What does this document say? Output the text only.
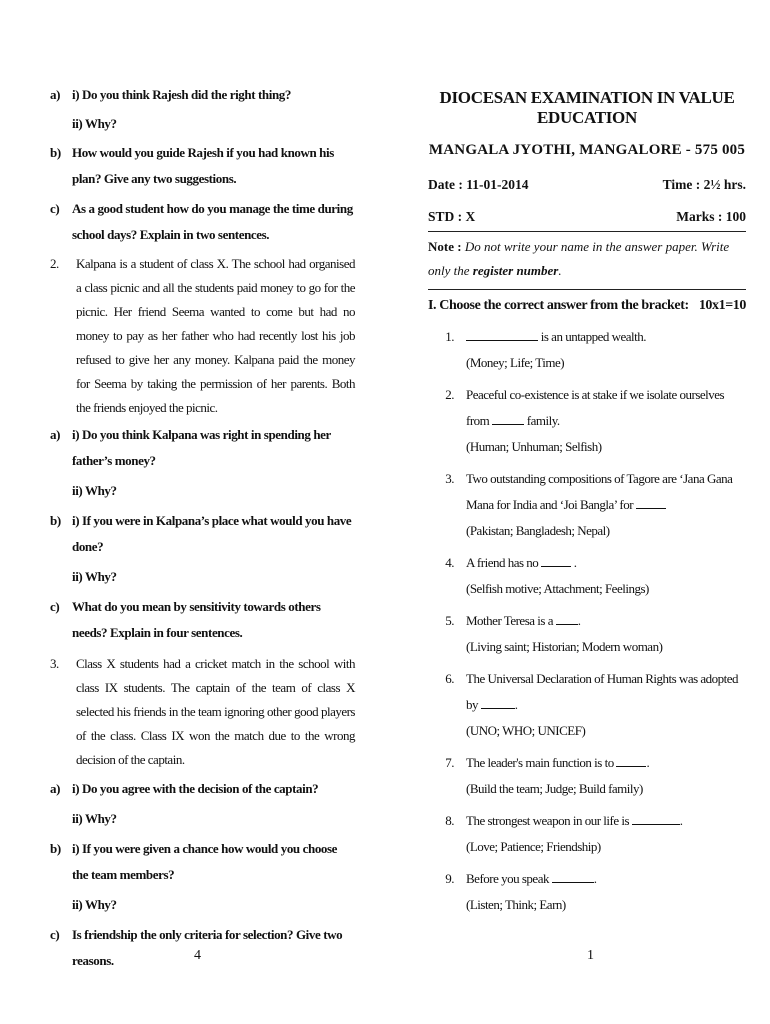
a) i) Do you think Rajesh did the right thing?
ii) Why?
b) How would you guide Rajesh if you had known his plan? Give any two suggestions.
c) As a good student how do you manage the time during school days? Explain in two sentences.
2.	Kalpana is a student of class X. The school had organised a class picnic and all the students paid money to go for the picnic. Her friend Seema wanted to come but had no money to pay as her father who had recently lost his job refused to give her any money. Kalpana paid the money for Seema by taking the permission of her parents. Both the friends enjoyed the picnic.
a) i) Do you think Kalpana was right in spending her father’s money?
ii) Why?
b) i) If you were in Kalpana’s place what would you have done?
ii) Why?
c) What do you mean by sensitivity towards others needs? Explain in four sentences.
3.	Class X students had a cricket match in the school with class IX students. The captain of the team of class X selected his friends in the team ignoring other good players of the class. Class IX won the match due to the wrong decision of the captain.
a) i) Do you agree with the decision of the captain?
ii) Why?
b) i) If you were given a chance how would you choose the team members?
ii) Why?
c) Is friendship the only criteria for selection? Give two reasons.	4
DIOCESAN EXAMINATION IN VALUE EDUCATION
MANGALA JYOTHI, MANGALORE - 575 005
Date : 11-01-2014	Time : 2½ hrs.
STD : X	Marks : 100
Note : Do not write your name in the answer paper. Write only the register number.
I. Choose the correct answer from the bracket: 10x1=10
1.	is an untapped wealth.
(Money; Life; Time)
2. Peaceful co-existence is at stake if we isolate ourselves from  family.
(Human; Unhuman; Selfish)
3. Two outstanding compositions of Tagore are ‘Jana Gana Mana for India and ‘Joi Bangla’ for
(Pakistan; Bangladesh; Nepal)
4. A friend has no  .
(Selfish motive; Attachment; Feelings)
5. Mother Teresa is a .
(Living saint; Historian; Modern woman)
6. The Universal Declaration of Human Rights was adopted by	.
(UNO; WHO; UNICEF)
7. The leader's main function is to .
(Build the team; Judge; Build family)
8. The strongest weapon in our life is	.
(Love; Patience; Friendship)
9. Before you speak	.
(Listen; Think; Earn)
1
